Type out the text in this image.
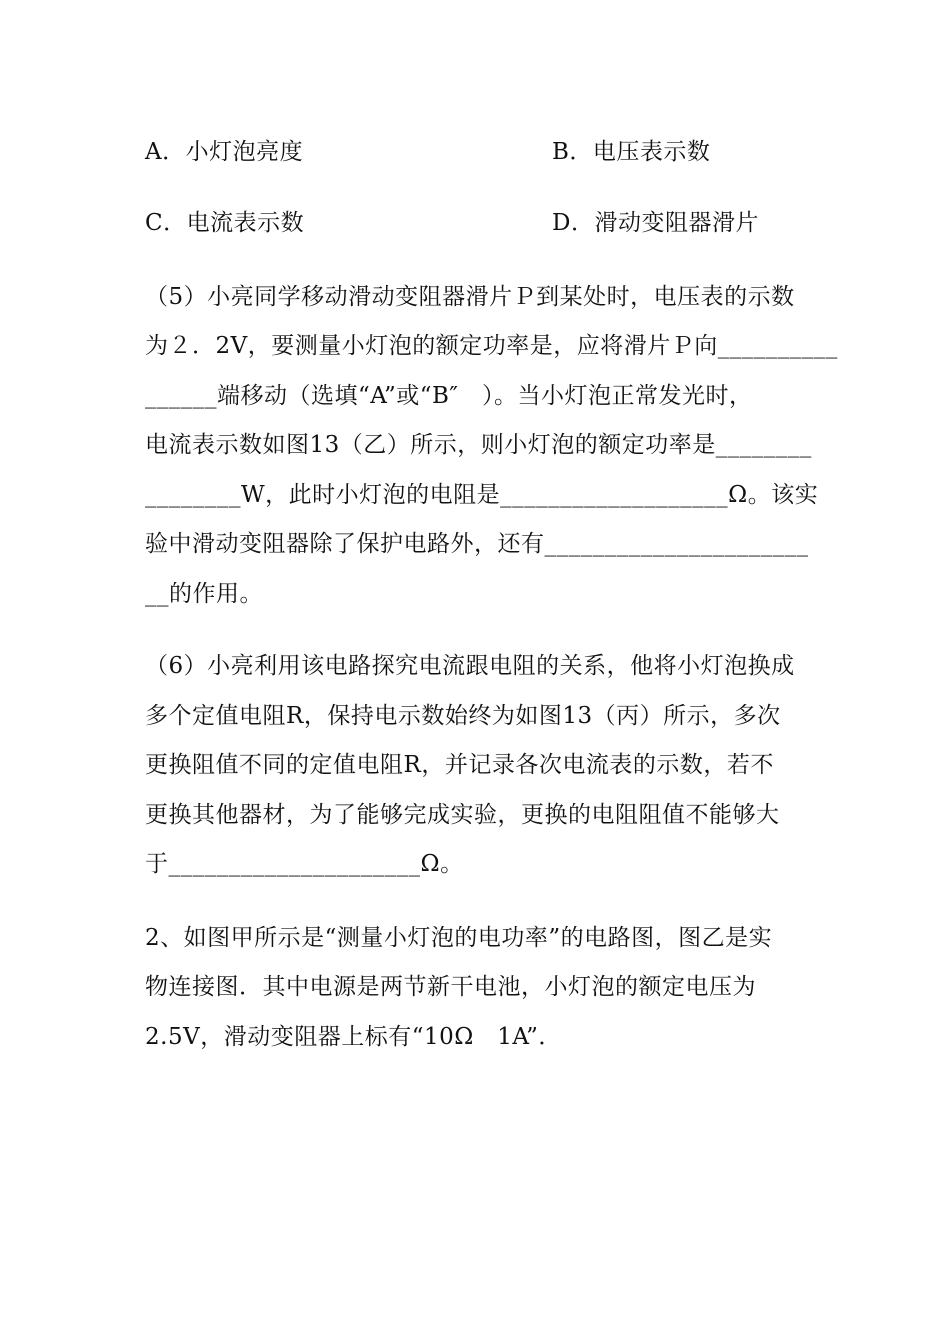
A．小灯泡亮度	B．电压表示数
C．电流表示数	D．滑动变阻器滑片
（5）小亮同学移动滑动变阻器滑片Ｐ到某处时，电压表的示数
为２．2V，要测量小灯泡的额定功率是，应将滑片Ｐ向__________
______端移动（选填“A”或“B″　）。当小灯泡正常发光时，
电流表示数如图13（乙）所示，则小灯泡的额定功率是________
________W，此时小灯泡的电阻是___________________Ω。该实
验中滑动变阻器除了保护电路外，还有______________________
__的作用。
（6）小亮利用该电路探究电流跟电阻的关系，他将小灯泡换成
多个定值电阻R，保持电示数始终为如图13（丙）所示，多次
更换阻值不同的定值电阻R，并记录各次电流表的示数，若不
更换其他器材，为了能够完成实验，更换的电阻阻值不能够大
于_____________________Ω。
2、如图甲所示是“测量小灯泡的电功率”的电路图，图乙是实
物连接图．其中电源是两节新干电池，小灯泡的额定电压为
2.5V，滑动变阻器上标有“10Ω　1A”．
